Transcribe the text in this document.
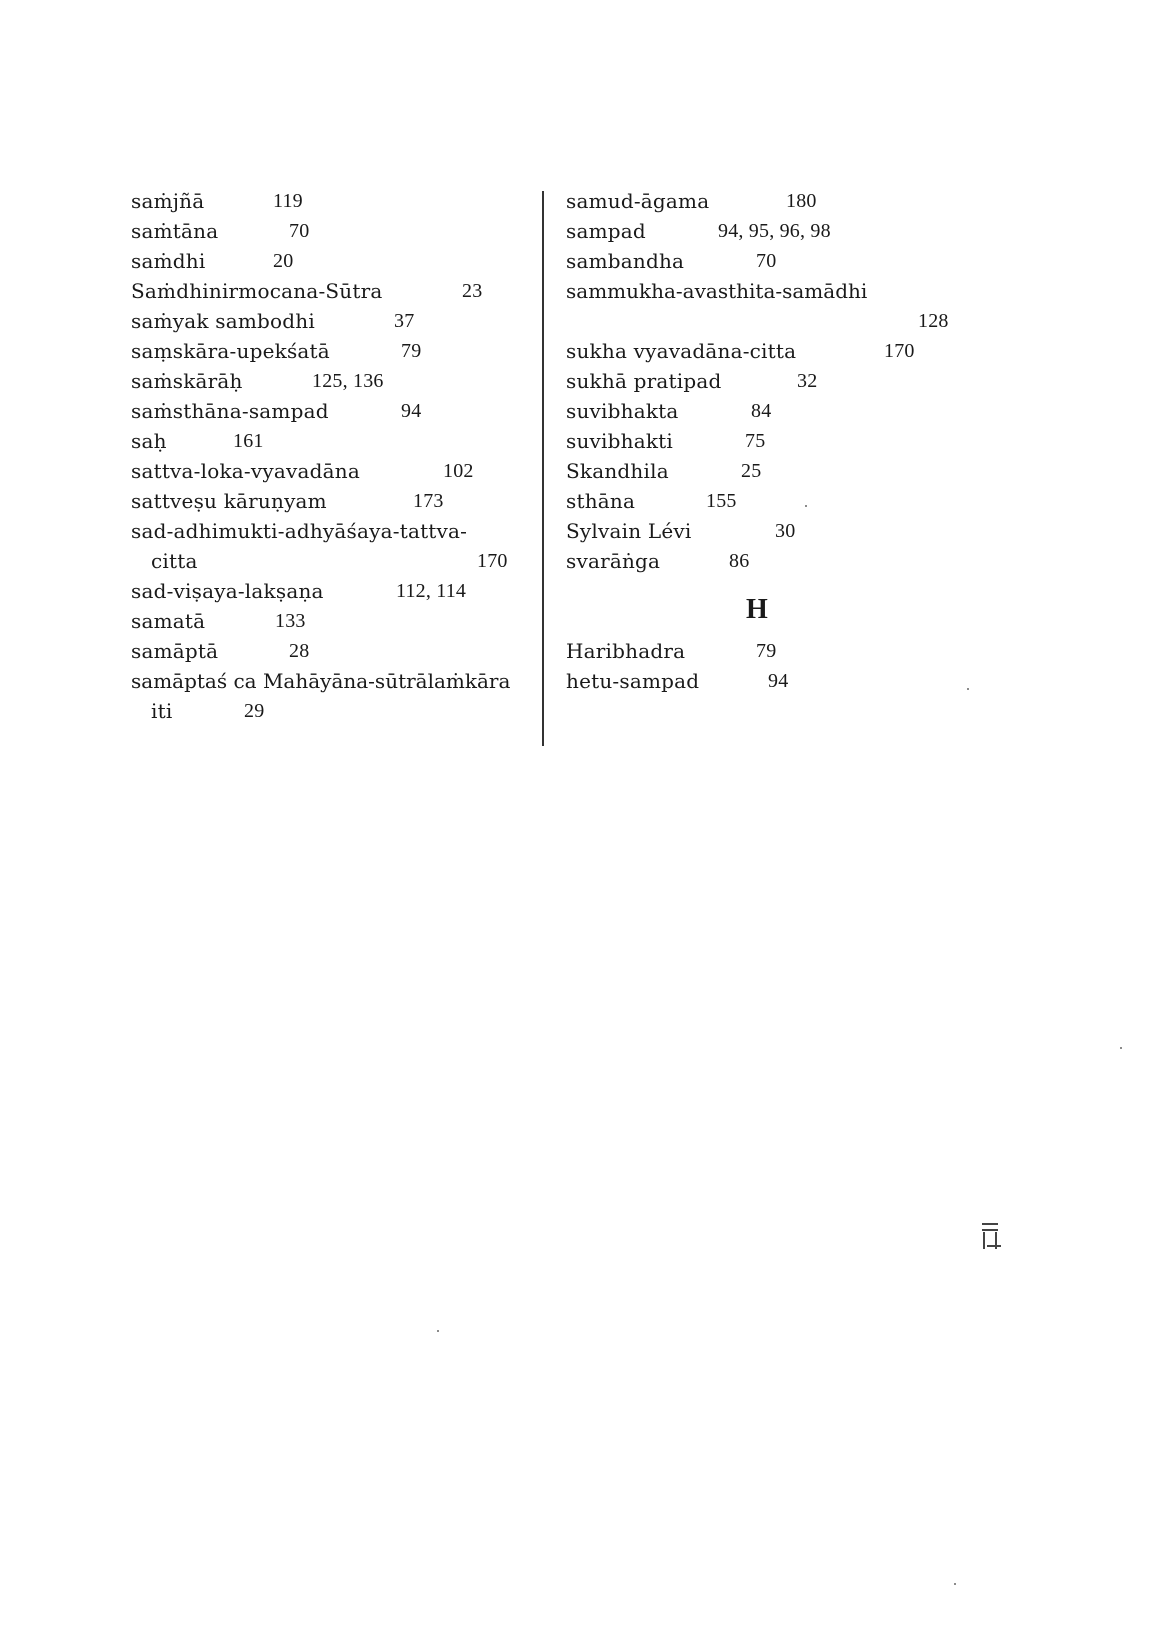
saṁjñā	119
saṁtāna	70
saṁdhi	20
Saṁdhinirmocana-Sūtra	23
saṁyak sambodhi	37
saṃskāra-upekśatā	79
saṁskārāḥ	125, 136
saṁsthāna-sampad	94
saḥ	161
sattva-loka-vyavadāna	102
sattveṣu kāruṇyam	173
sad-adhimukti-adhyāśaya-tattva-
citta	170
sad-viṣaya-lakṣaṇa	112, 114
samatā	133
samāptā	28
samāptaś ca Mahāyāna-sūtrālaṁkāra
iti	29
samud-āgama	180
sampad	94, 95, 96, 98
sambandha	70
sammukha-avasthita-samādhi
128
sukha vyavadāna-citta	170
sukhā pratipad	32
suvibhakta	84
suvibhakti	75
Skandhila	25
sthāna	155
Sylvain Lévi	30
svarāṅga	86
H
Haribhadra	79
hetu-sampad	94
